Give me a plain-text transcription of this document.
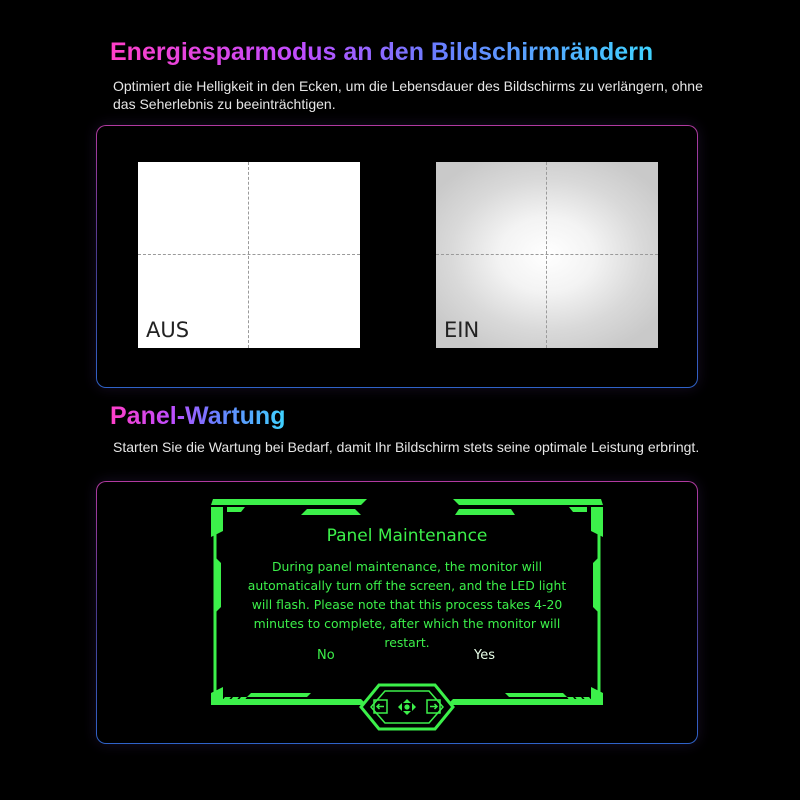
Energiesparmodus an den Bildschirmrändern

Optimiert die Helligkeit in den Ecken, um die Lebensdauer des Bildschirms zu verlängern, ohne das Seherlebnis zu beeinträchtigen.

AUS	EIN
Panel-Wartung

Starten Sie die Wartung bei Bedarf, damit Ihr Bildschirm stets seine optimale Leistung erbringt.

Panel Maintenance
During panel maintenance, the monitor will automatically turn off the screen, and the LED light will flash. Please note that this process takes 4-20 minutes to complete, after which the monitor will restart.
No	Yes
